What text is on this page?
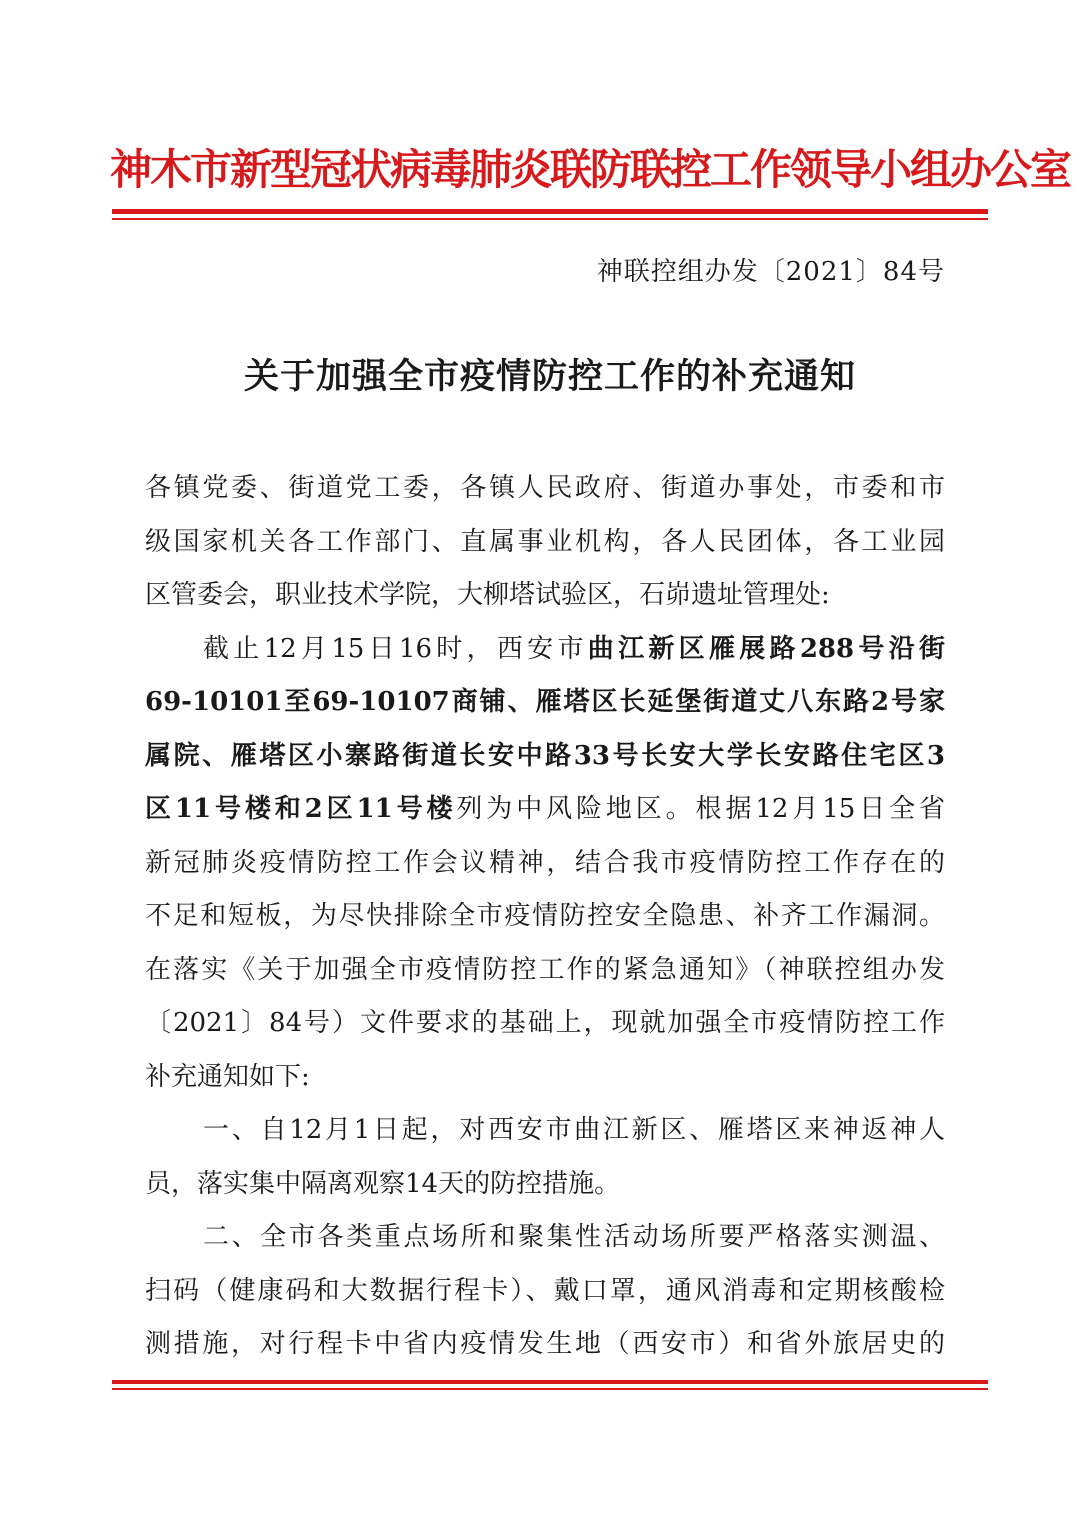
神木市新型冠状病毒肺炎联防联控工作领导小组办公室
神联控组办发〔2021〕84号
关于加强全市疫情防控工作的补充通知
各镇党委、街道党工委，各镇人民政府、街道办事处，市委和市
级国家机关各工作部门、直属事业机构，各人民团体，各工业园
区管委会，职业技术学院，大柳塔试验区，石峁遗址管理处:
截止12月15日16时，西安市曲江新区雁展路288号沿街
69-10101至69-10107商铺、雁塔区长延堡街道丈八东路2号家
属院、雁塔区小寨路街道长安中路33号长安大学长安路住宅区3
区11号楼和2区11号楼列为中风险地区。根据12月15日全省
新冠肺炎疫情防控工作会议精神，结合我市疫情防控工作存在的
不足和短板，为尽快排除全市疫情防控安全隐患、补齐工作漏洞。
在落实《关于加强全市疫情防控工作的紧急通知》（神联控组办发
〔2021〕84号）文件要求的基础上，现就加强全市疫情防控工作
补充通知如下:
一、自12月1日起，对西安市曲江新区、雁塔区来神返神人
员，落实集中隔离观察14天的防控措施。
二、全市各类重点场所和聚集性活动场所要严格落实测温、
扫码（健康码和大数据行程卡）、戴口罩，通风消毒和定期核酸检
测措施，对行程卡中省内疫情发生地（西安市）和省外旅居史的
